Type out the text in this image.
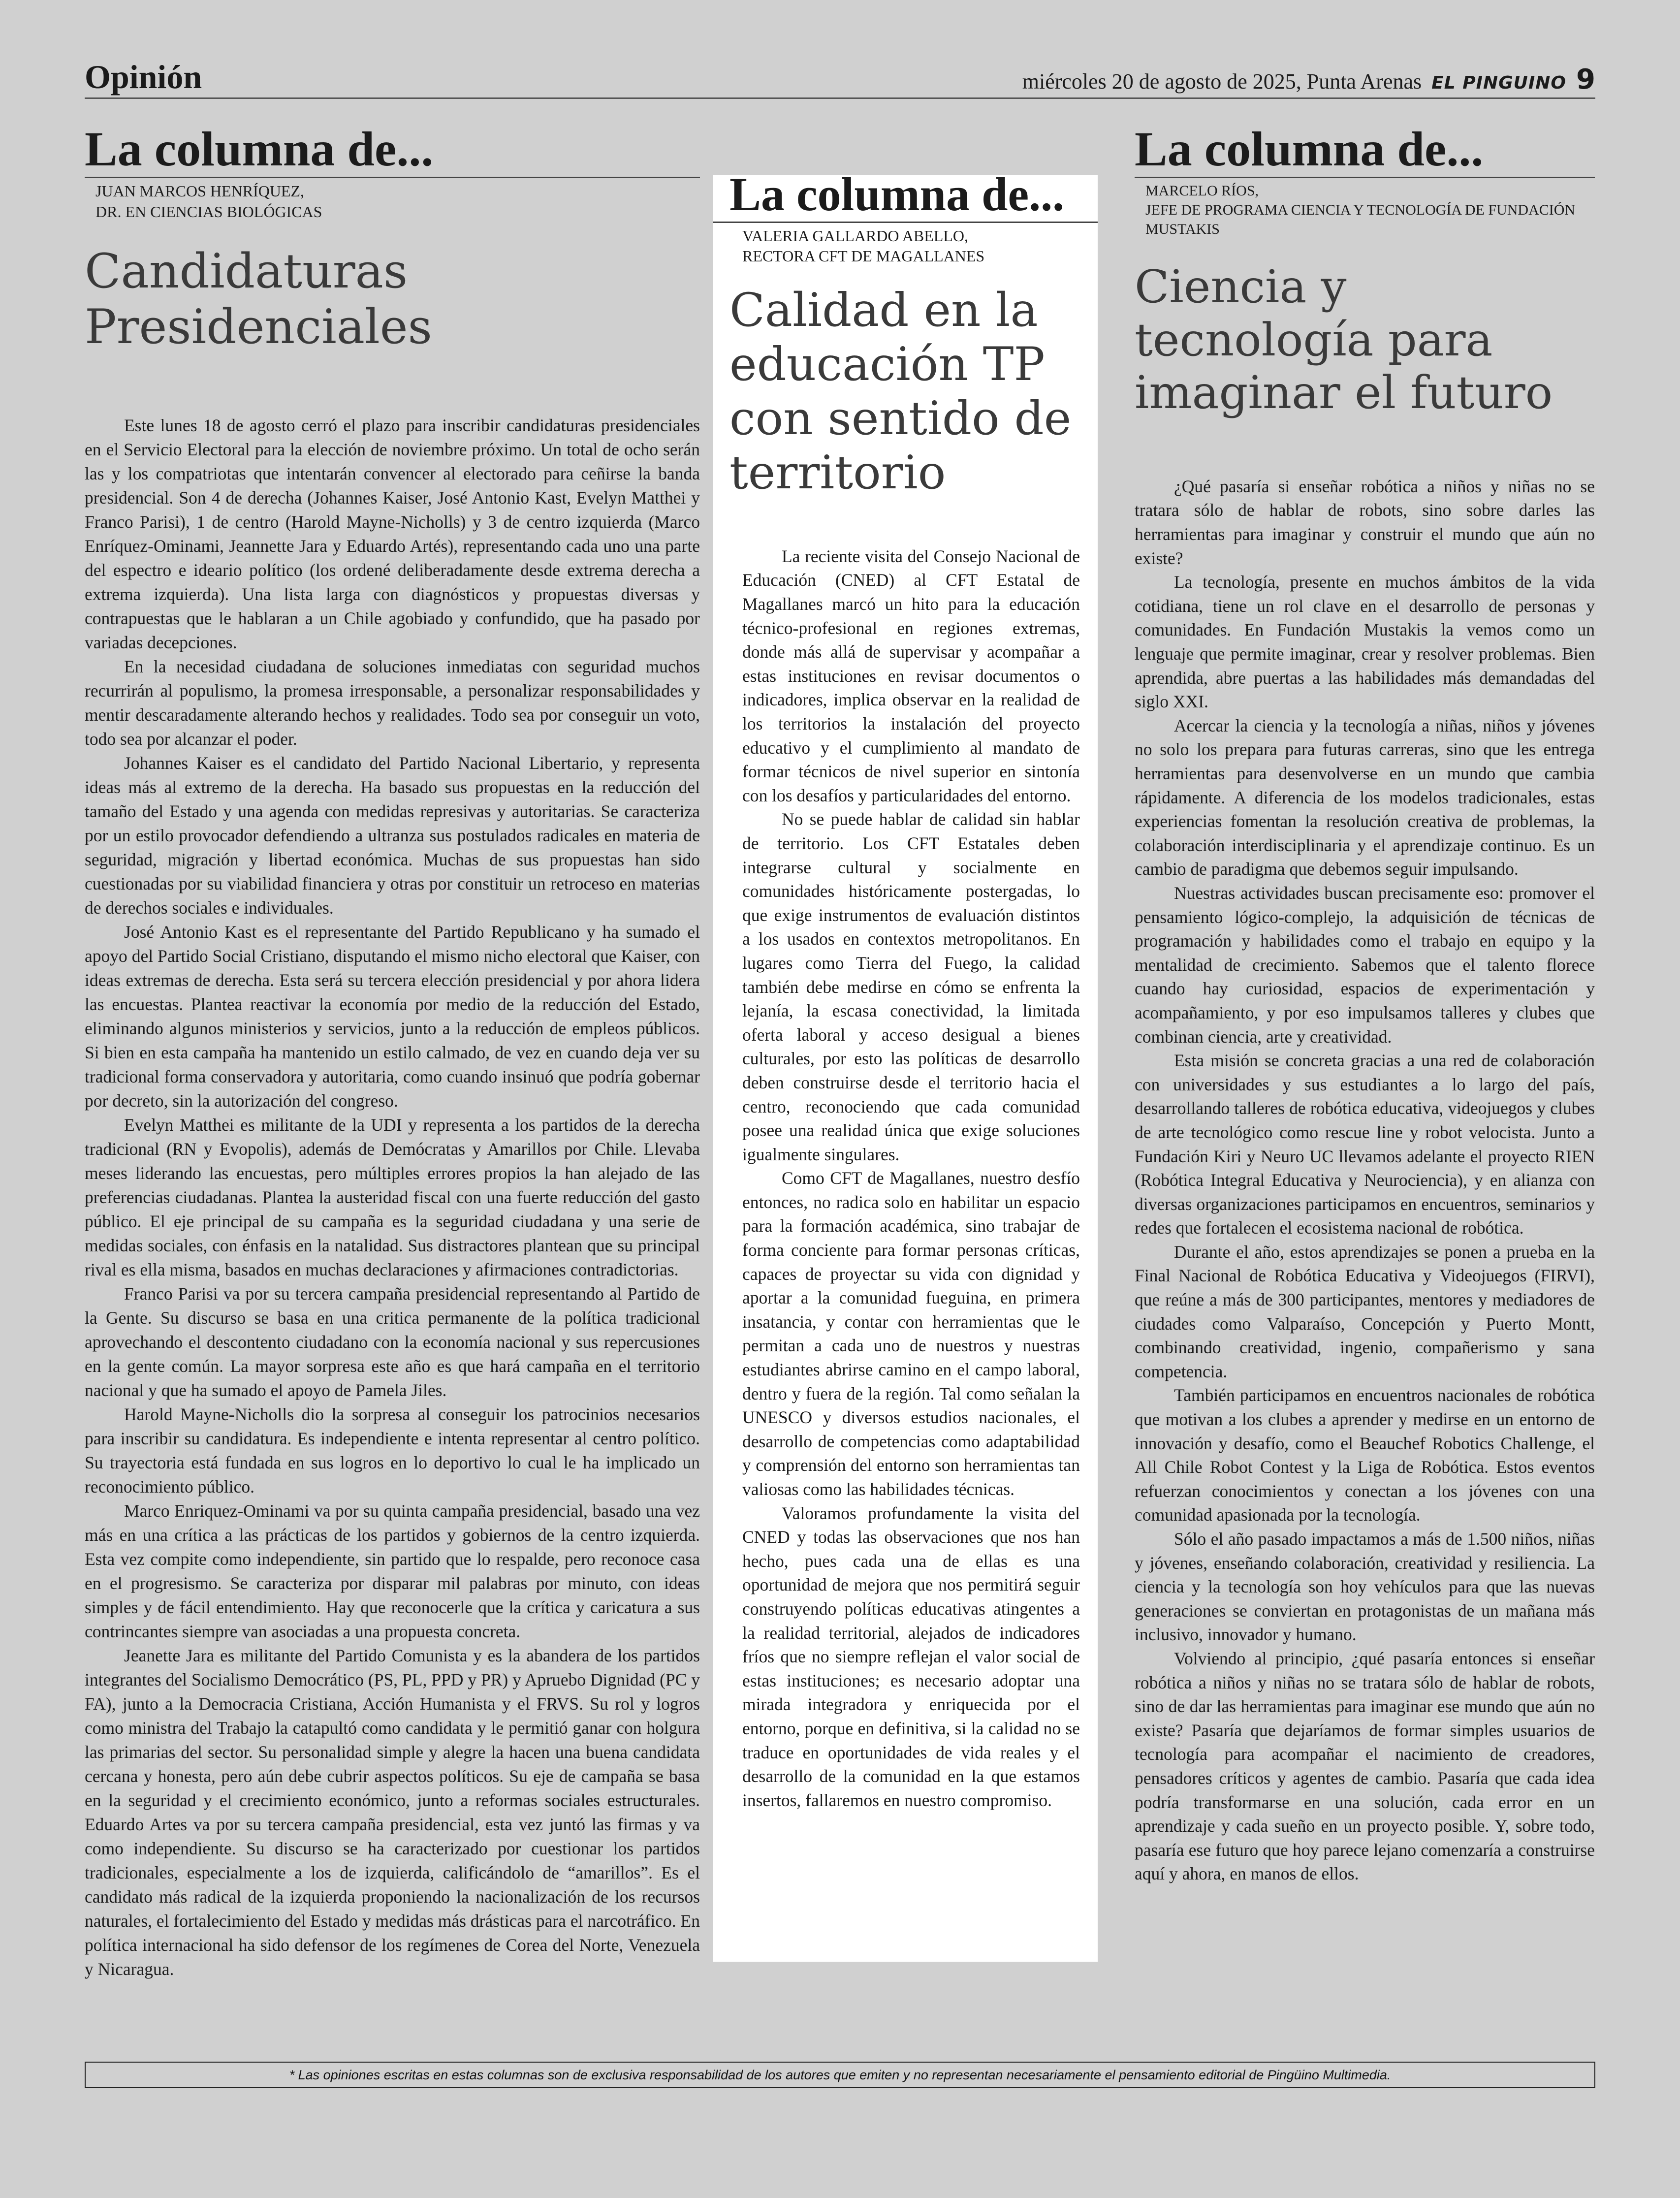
Opinión	miércoles 20 de agosto de 2025, Punta Arenas EL PINGUINO 9
La columna de...
JUAN MARCOS HENRÍQUEZ,
DR. EN CIENCIAS BIOLÓGICAS
Candidaturas Presidenciales

Este lunes 18 de agosto cerró el plazo para inscribir candidaturas presidenciales en el Servicio Electoral para la elección de noviembre próximo. Un total de ocho serán las y los compatriotas que intentarán convencer al electorado para ceñirse la banda presidencial. Son 4 de derecha (Johannes Kaiser, José Antonio Kast, Evelyn Matthei y Franco Parisi), 1 de centro (Harold Mayne-Nicholls) y 3 de centro izquierda (Marco Enríquez-Ominami, Jeannette Jara y Eduardo Artés), representando cada uno una parte del espectro e ideario político (los ordené deliberadamente desde extrema derecha a extrema izquierda). Una lista larga con diagnósticos y propuestas diversas y contrapuestas que le hablaran a un Chile agobiado y confundido, que ha pasado por variadas decepciones.

En la necesidad ciudadana de soluciones inmediatas con seguridad muchos recurrirán al populismo, la promesa irresponsable, a personalizar responsabilidades y mentir descaradamente alterando hechos y realidades. Todo sea por conseguir un voto, todo sea por alcanzar el poder.

Johannes Kaiser es el candidato del Partido Nacional Libertario, y representa ideas más al extremo de la derecha. Ha basado sus propuestas en la reducción del tamaño del Estado y una agenda con medidas represivas y autoritarias. Se caracteriza por un estilo provocador defendiendo a ultranza sus postulados radicales en materia de seguridad, migración y libertad económica. Muchas de sus propuestas han sido cuestionadas por su viabilidad financiera y otras por constituir un retroceso en materias de derechos sociales e individuales.

José Antonio Kast es el representante del Partido Republicano y ha sumado el apoyo del Partido Social Cristiano, disputando el mismo nicho electoral que Kaiser, con ideas extremas de derecha. Esta será su tercera elección presidencial y por ahora lidera las encuestas. Plantea reactivar la economía por medio de la reducción del Estado, eliminando algunos ministerios y servicios, junto a la reducción de empleos públicos. Si bien en esta campaña ha mantenido un estilo calmado, de vez en cuando deja ver su tradicional forma conservadora y autoritaria, como cuando insinuó que podría gobernar por decreto, sin la autorización del congreso.

Evelyn Matthei es militante de la UDI y representa a los partidos de la derecha tradicional (RN y Evopolis), además de Demócratas y Amarillos por Chile. Llevaba meses liderando las encuestas, pero múltiples errores propios la han alejado de las preferencias ciudadanas. Plantea la austeridad fiscal con una fuerte reducción del gasto público. El eje principal de su campaña es la seguridad ciudadana y una serie de medidas sociales, con énfasis en la natalidad. Sus distractores plantean que su principal rival es ella misma, basados en muchas declaraciones y afirmaciones contradictorias.

Franco Parisi va por su tercera campaña presidencial representando al Partido de la Gente. Su discurso se basa en una critica permanente de la política tradicional aprovechando el descontento ciudadano con la economía nacional y sus repercusiones en la gente común. La mayor sorpresa este año es que hará campaña en el territorio nacional y que ha sumado el apoyo de Pamela Jiles.

Harold Mayne-Nicholls dio la sorpresa al conseguir los patrocinios necesarios para inscribir su candidatura. Es independiente e intenta representar al centro político. Su trayectoria está fundada en sus logros en lo deportivo lo cual le ha implicado un reconocimiento público.

Marco Enriquez-Ominami va por su quinta campaña presidencial, basado una vez más en una crítica a las prácticas de los partidos y gobiernos de la centro izquierda. Esta vez compite como independiente, sin partido que lo respalde, pero reconoce casa en el progresismo. Se caracteriza por disparar mil palabras por minuto, con ideas simples y de fácil entendimiento. Hay que reconocerle que la crítica y caricatura a sus contrincantes siempre van asociadas a una propuesta concreta.

Jeanette Jara es militante del Partido Comunista y es la abandera de los partidos integrantes del Socialismo Democrático (PS, PL, PPD y PR) y Apruebo Dignidad (PC y FA), junto a la Democracia Cristiana, Acción Humanista y el FRVS. Su rol y logros como ministra del Trabajo la catapultó como candidata y le permitió ganar con holgura las primarias del sector. Su personalidad simple y alegre la hacen una buena candidata cercana y honesta, pero aún debe cubrir aspectos políticos. Su eje de campaña se basa en la seguridad y el crecimiento económico, junto a reformas sociales estructurales. Eduardo Artes va por su tercera campaña presidencial, esta vez juntó las firmas y va como independiente. Su discurso se ha caracterizado por cuestionar los partidos tradicionales, especialmente a los de izquierda, calificándolo de “amarillos”. Es el candidato más radical de la izquierda proponiendo la nacionalización de los recursos naturales, el fortalecimiento del Estado y medidas más drásticas para el narcotráfico. En política internacional ha sido defensor de los regímenes de Corea del Norte, Venezuela y Nicaragua.

La columna de...
VALERIA GALLARDO ABELLO,
RECTORA CFT DE MAGALLANES
Calidad en la educación TP con sentido de territorio

La reciente visita del Consejo Nacional de Educación (CNED) al CFT Estatal de Magallanes marcó un hito para la educación técnico-profesional en regiones extremas, donde más allá de supervisar y acompañar a estas instituciones en revisar documentos o indicadores, implica observar en la realidad de los territorios la instalación del proyecto educativo y el cumplimiento al mandato de formar técnicos de nivel superior en sintonía con los desafíos y particularidades del entorno.

No se puede hablar de calidad sin hablar de territorio. Los CFT Estatales deben integrarse cultural y socialmente en comunidades históricamente postergadas, lo que exige instrumentos de evaluación distintos a los usados en contextos metropolitanos. En lugares como Tierra del Fuego, la calidad también debe medirse en cómo se enfrenta la lejanía, la escasa conectividad, la limitada oferta laboral y acceso desigual a bienes culturales, por esto las políticas de desarrollo deben construirse desde el territorio hacia el centro, reconociendo que cada comunidad posee una realidad única que exige soluciones igualmente singulares.

Como CFT de Magallanes, nuestro desfío entonces, no radica solo en habilitar un espacio para la formación académica, sino trabajar de forma conciente para formar personas críticas, capaces de proyectar su vida con dignidad y aportar a la comunidad fueguina, en primera insatancia, y contar con herramientas que le permitan a cada uno de nuestros y nuestras estudiantes abrirse camino en el campo laboral, dentro y fuera de la región. Tal como señalan la UNESCO y diversos estudios nacionales, el desarrollo de competencias como adaptabilidad y comprensión del entorno son herramientas tan valiosas como las habilidades técnicas.

Valoramos profundamente la visita del CNED y todas las observaciones que nos han hecho, pues cada una de ellas es una oportunidad de mejora que nos permitirá seguir construyendo políticas educativas atingentes a la realidad territorial, alejados de indicadores fríos que no siempre reflejan el valor social de estas instituciones; es necesario adoptar una mirada integradora y enriquecida por el entorno, porque en definitiva, si la calidad no se traduce en oportunidades de vida reales y el desarrollo de la comunidad en la que estamos insertos, fallaremos en nuestro compromiso.

La columna de...
MARCELO RÍOS,
JEFE DE PROGRAMA CIENCIA Y TECNOLOGÍA DE FUNDACIÓN MUSTAKIS
Ciencia y tecnología para imaginar el futuro

¿Qué pasaría si enseñar robótica a niños y niñas no se tratara sólo de hablar de robots, sino sobre darles las herramientas para imaginar y construir el mundo que aún no existe?

La tecnología, presente en muchos ámbitos de la vida cotidiana, tiene un rol clave en el desarrollo de personas y comunidades. En Fundación Mustakis la vemos como un lenguaje que permite imaginar, crear y resolver problemas. Bien aprendida, abre puertas a las habilidades más demandadas del siglo XXI.

Acercar la ciencia y la tecnología a niñas, niños y jóvenes no solo los prepara para futuras carreras, sino que les entrega herramientas para desenvolverse en un mundo que cambia rápidamente. A diferencia de los modelos tradicionales, estas experiencias fomentan la resolución creativa de problemas, la colaboración interdisciplinaria y el aprendizaje continuo. Es un cambio de paradigma que debemos seguir impulsando.

Nuestras actividades buscan precisamente eso: promover el pensamiento lógico-complejo, la adquisición de técnicas de programación y habilidades como el trabajo en equipo y la mentalidad de crecimiento. Sabemos que el talento florece cuando hay curiosidad, espacios de experimentación y acompañamiento, y por eso impulsamos talleres y clubes que combinan ciencia, arte y creatividad.

Esta misión se concreta gracias a una red de colaboración con universidades y sus estudiantes a lo largo del país, desarrollando talleres de robótica educativa, videojuegos y clubes de arte tecnológico como rescue line y robot velocista. Junto a Fundación Kiri y Neuro UC llevamos adelante el proyecto RIEN (Robótica Integral Educativa y Neurociencia), y en alianza con diversas organizaciones participamos en encuentros, seminarios y redes que fortalecen el ecosistema nacional de robótica.

Durante el año, estos aprendizajes se ponen a prueba en la Final Nacional de Robótica Educativa y Videojuegos (FIRVI), que reúne a más de 300 participantes, mentores y mediadores de ciudades como Valparaíso, Concepción y Puerto Montt, combinando creatividad, ingenio, compañerismo y sana competencia.

También participamos en encuentros nacionales de robótica que motivan a los clubes a aprender y medirse en un entorno de innovación y desafío, como el Beauchef Robotics Challenge, el All Chile Robot Contest y la Liga de Robótica. Estos eventos refuerzan conocimientos y conectan a los jóvenes con una comunidad apasionada por la tecnología.

Sólo el año pasado impactamos a más de 1.500 niños, niñas y jóvenes, enseñando colaboración, creatividad y resiliencia. La ciencia y la tecnología son hoy vehículos para que las nuevas generaciones se conviertan en protagonistas de un mañana más inclusivo, innovador y humano.

Volviendo al principio, ¿qué pasaría entonces si enseñar robótica a niños y niñas no se tratara sólo de hablar de robots, sino de dar las herramientas para imaginar ese mundo que aún no existe? Pasaría que dejaríamos de formar simples usuarios de tecnología para acompañar el nacimiento de creadores, pensadores críticos y agentes de cambio. Pasaría que cada idea podría transformarse en una solución, cada error en un aprendizaje y cada sueño en un proyecto posible. Y, sobre todo, pasaría ese futuro que hoy parece lejano comenzaría a construirse aquí y ahora, en manos de ellos.

* Las opiniones escritas en estas columnas son de exclusiva responsabilidad de los autores que emiten y no representan necesariamente el pensamiento editorial de Pingüino Multimedia.
